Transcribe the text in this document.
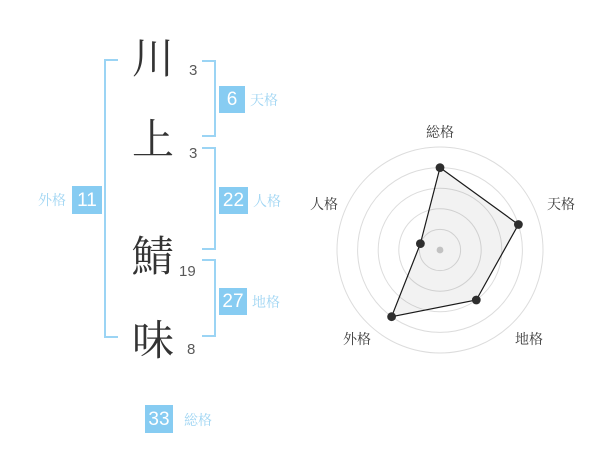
外格 11
川
上
鯖
味
3
3
19
8
6 天格
22 人格
27 地格
33 総格
総格
天格
地格
外格
人格
